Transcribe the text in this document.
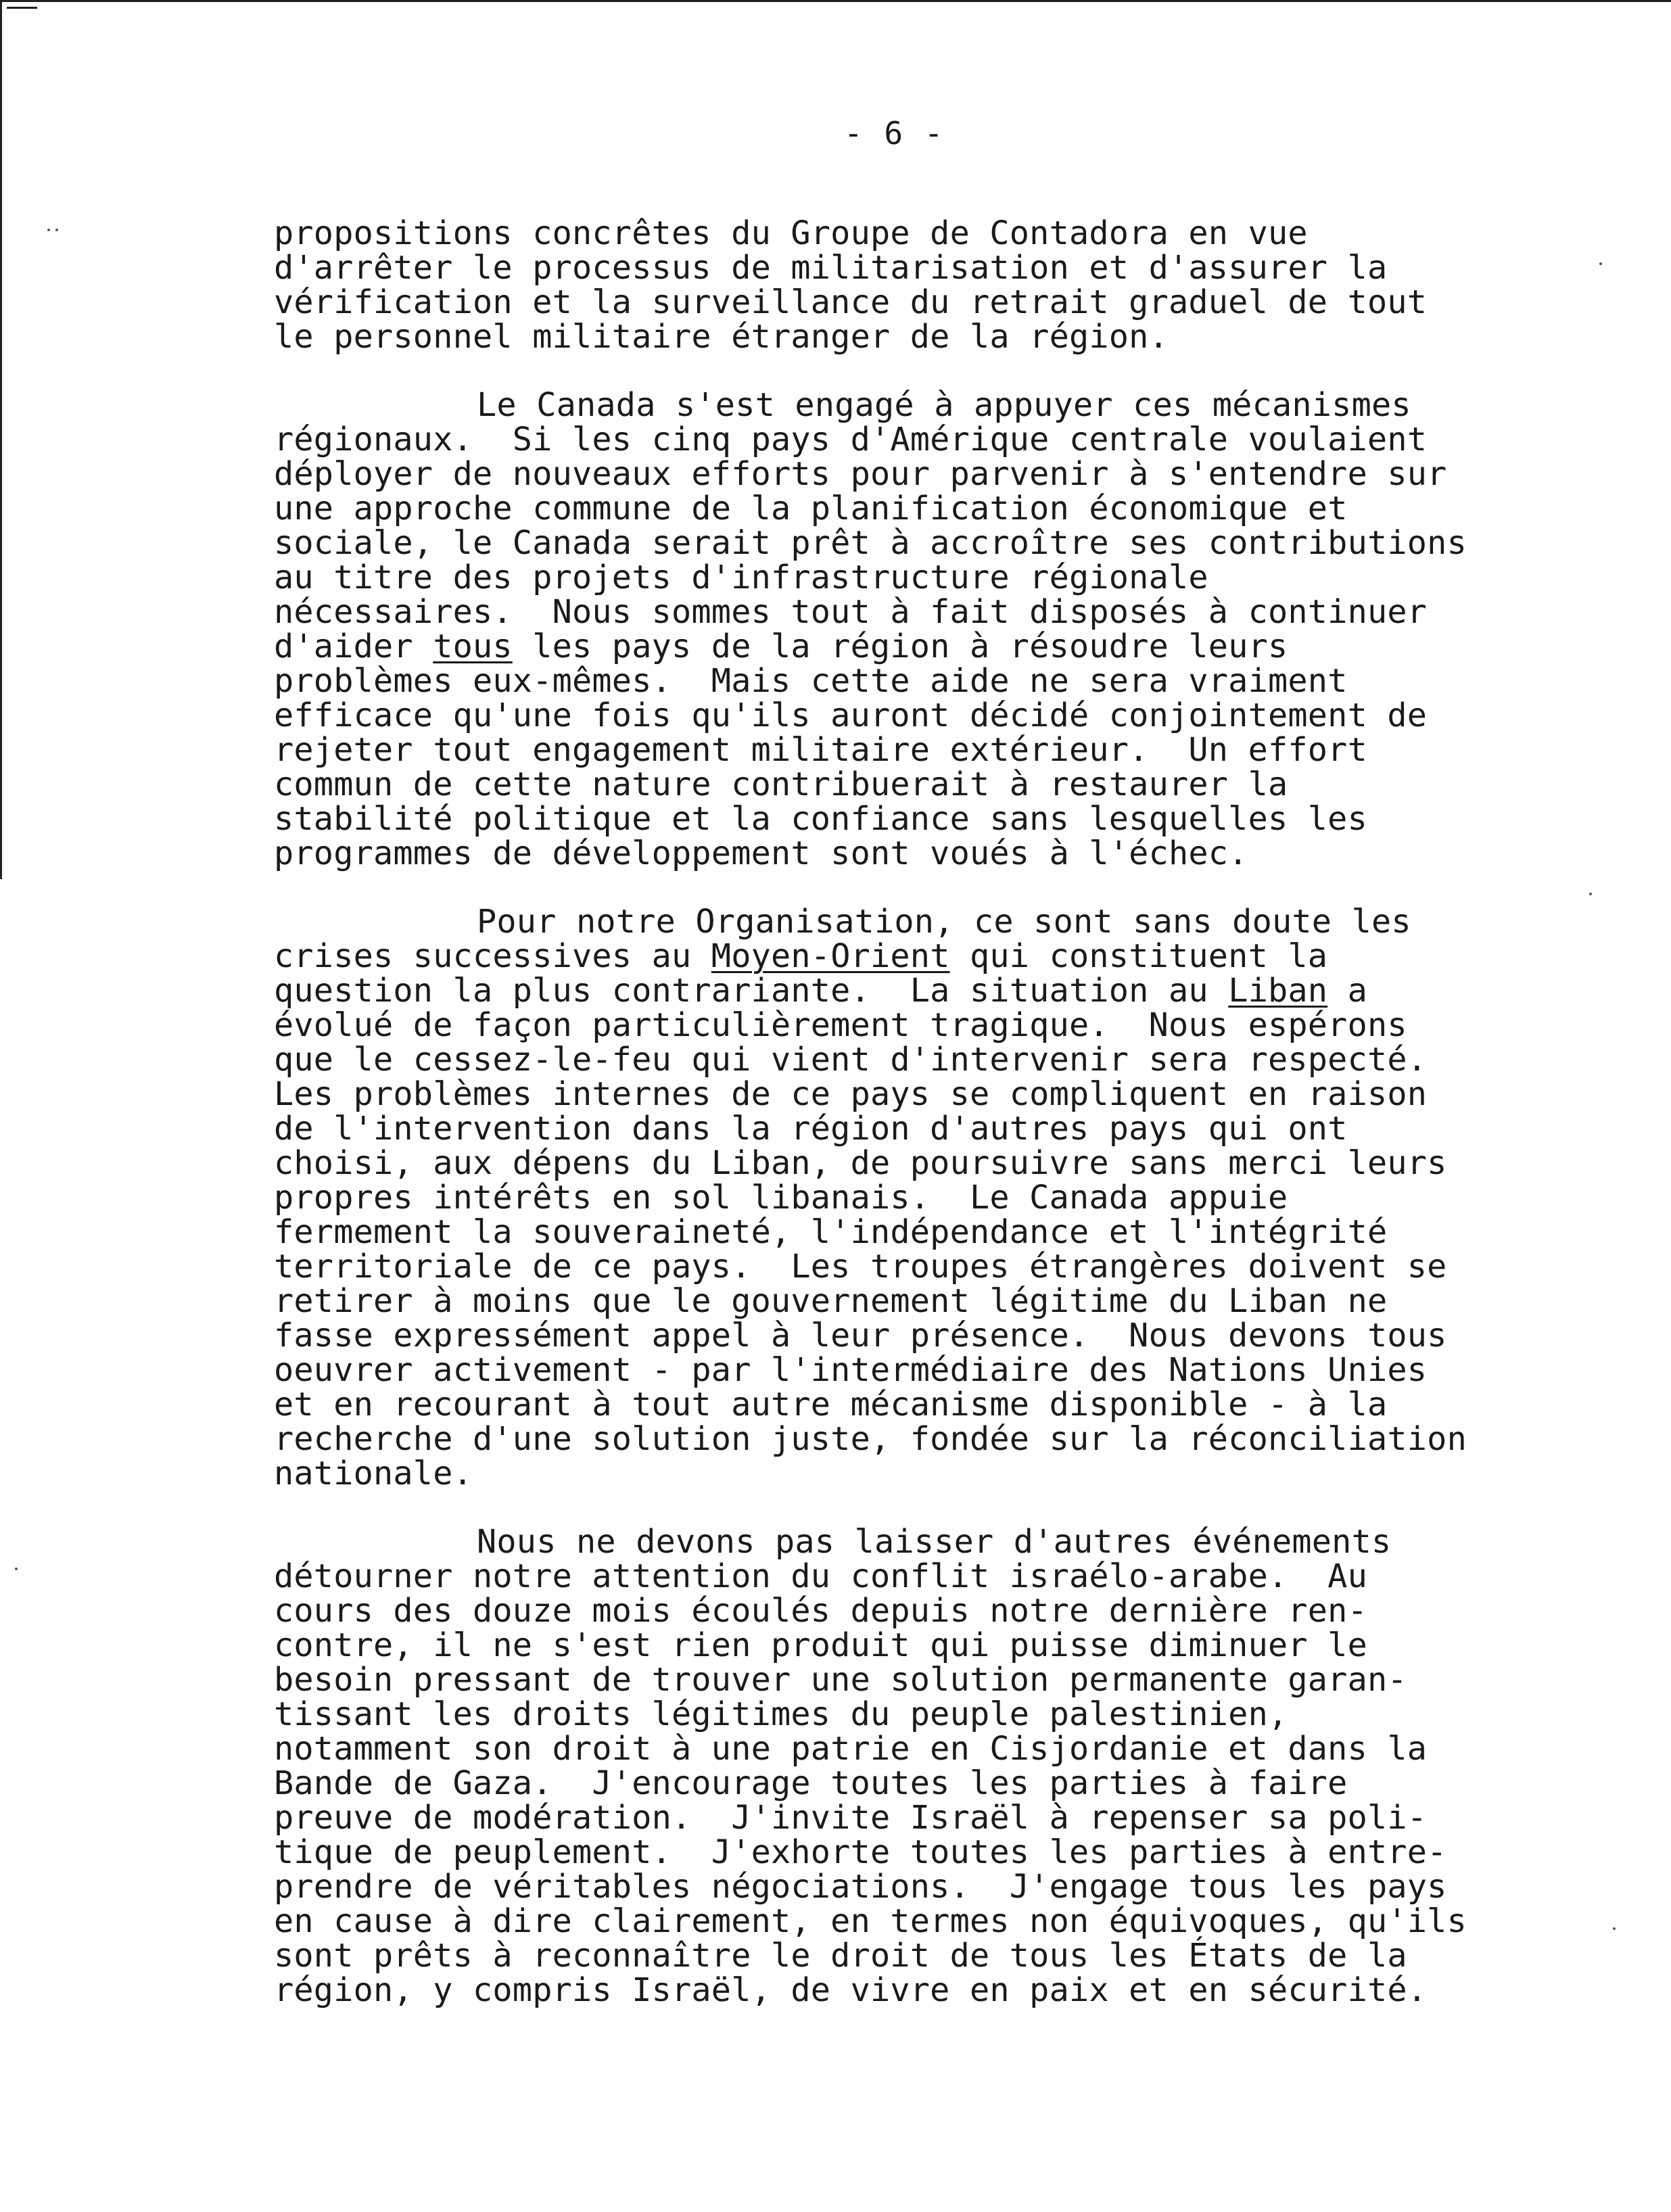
- 6 -
propositions concrêtes du Groupe de Contadora en vue
d'arrêter le processus de militarisation et d'assurer la
vérification et la surveillance du retrait graduel de tout
le personnel militaire étranger de la région.
Le Canada s'est engagé à appuyer ces mécanismes
régionaux.  Si les cinq pays d'Amérique centrale voulaient
déployer de nouveaux efforts pour parvenir à s'entendre sur
une approche commune de la planification économique et
sociale, le Canada serait prêt à accroître ses contributions
au titre des projets d'infrastructure régionale
nécessaires.  Nous sommes tout à fait disposés à continuer
d'aider tous les pays de la région à résoudre leurs
problèmes eux-mêmes.  Mais cette aide ne sera vraiment
efficace qu'une fois qu'ils auront décidé conjointement de
rejeter tout engagement militaire extérieur.  Un effort
commun de cette nature contribuerait à restaurer la
stabilité politique et la confiance sans lesquelles les
programmes de développement sont voués à l'échec.
Pour notre Organisation, ce sont sans doute les
crises successives au Moyen-Orient qui constituent la
question la plus contrariante.  La situation au Liban a
évolué de façon particulièrement tragique.  Nous espérons
que le cessez-le-feu qui vient d'intervenir sera respecté.
Les problèmes internes de ce pays se compliquent en raison
de l'intervention dans la région d'autres pays qui ont
choisi, aux dépens du Liban, de poursuivre sans merci leurs
propres intérêts en sol libanais.  Le Canada appuie
fermement la souveraineté, l'indépendance et l'intégrité
territoriale de ce pays.  Les troupes étrangères doivent se
retirer à moins que le gouvernement légitime du Liban ne
fasse expressément appel à leur présence.  Nous devons tous
oeuvrer activement - par l'intermédiaire des Nations Unies
et en recourant à tout autre mécanisme disponible - à la
recherche d'une solution juste, fondée sur la réconciliation
nationale.
Nous ne devons pas laisser d'autres événements
détourner notre attention du conflit israélo-arabe.  Au
cours des douze mois écoulés depuis notre dernière ren-
contre, il ne s'est rien produit qui puisse diminuer le
besoin pressant de trouver une solution permanente garan-
tissant les droits légitimes du peuple palestinien,
notamment son droit à une patrie en Cisjordanie et dans la
Bande de Gaza.  J'encourage toutes les parties à faire
preuve de modération.  J'invite Israël à repenser sa poli-
tique de peuplement.  J'exhorte toutes les parties à entre-
prendre de véritables négociations.  J'engage tous les pays
en cause à dire clairement, en termes non équivoques, qu'ils
sont prêts à reconnaître le droit de tous les États de la
région, y compris Israël, de vivre en paix et en sécurité.
